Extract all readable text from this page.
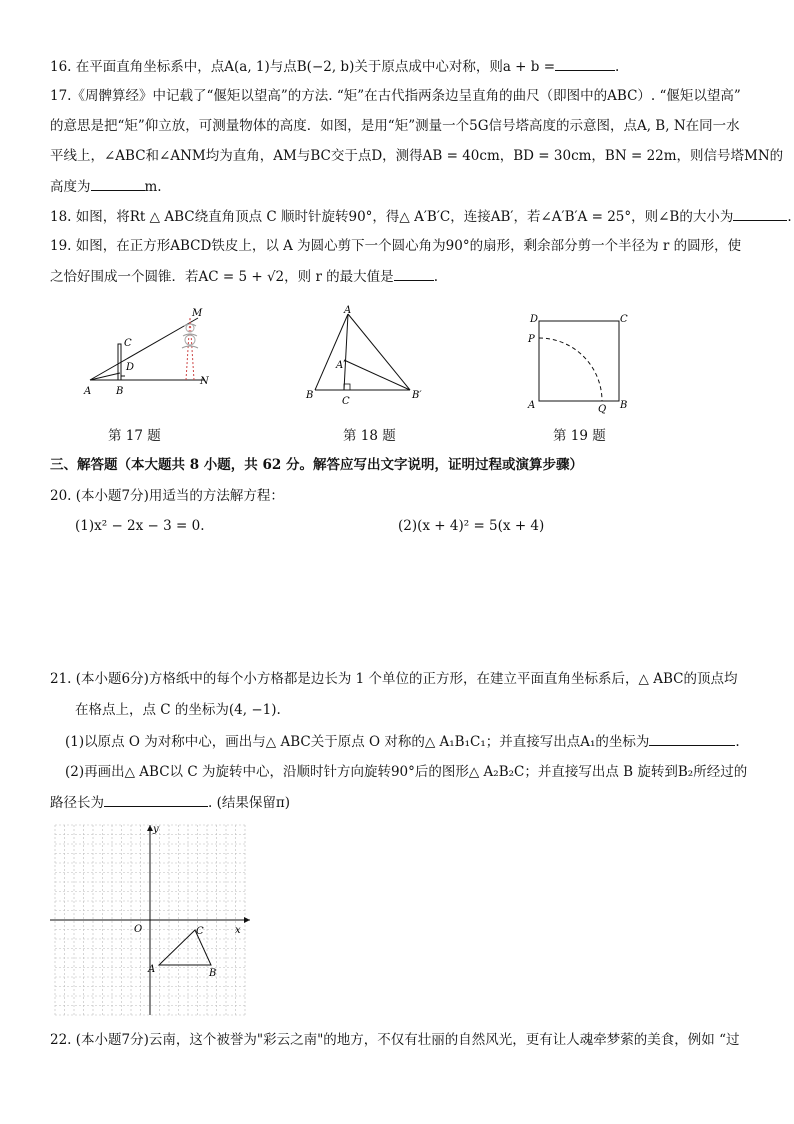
16. 在平面直角坐标系中，点A(a, 1)与点B(−2, b)关于原点成中心对称，则a + b =	.
17.《周髀算经》中记载了“偃矩以望高”的方法. “矩”在古代指两条边呈直角的曲尺（即图中的ABC）. “偃矩以望高”
的意思是把“矩”仰立放，可测量物体的高度．如图，是用“矩”测量一个5G信号塔高度的示意图，点A, B, N在同一水
平线上，∠ABC和∠ANM均为直角，AM与BC交于点D，测得AB = 40cm，BD = 30cm，BN = 22m，则信号塔MN的
高度为	m.
18. 如图，将Rt △ ABC绕直角顶点 C 顺时针旋转90°，得△ A′B′C，连接AB′，若∠A′B′A = 25°，则∠B的大小为	.
19. 如图，在正方形ABCD铁皮上，以 A 为圆心剪下一个圆心角为90°的扇形，剩余部分剪一个半径为 r 的圆形，使
之恰好围成一个圆锥．若AC = 5 + √2，则 r 的最大值是	.
M
C
D
A B
N
第 17 题
A
A′
B
C
B′
第 18 题
D	C
P
A	Q B
第 19 题
三、解答题（本大题共 8 小题，共 62 分。解答应写出文字说明，证明过程或演算步骤）
20. (本小题7分)用适当的方法解方程：
(1)x² − 2x − 3 = 0.	(2)(x + 4)² = 5(x + 4)
21. (本小题6分)方格纸中的每个小方格都是边长为 1 个单位的正方形，在建立平面直角坐标系后，△ ABC的顶点均
在格点上，点 C 的坐标为(4, −1).
(1)以原点 O 为对称中心，画出与△ ABC关于原点 O 对称的△ A₁B₁C₁；并直接写出点A₁的坐标为	.
(2)再画出△ ABC以 C 为旋转中心，沿顺时针方向旋转90°后的图形△ A₂B₂C；并直接写出点 B 旋转到B₂所经过的
路径长为	. (结果保留π)
y
x
O
A	B
C
22. (本小题7分)云南，这个被誉为"彩云之南"的地方，不仅有壮丽的自然风光，更有让人魂牵梦萦的美食，例如 “过
